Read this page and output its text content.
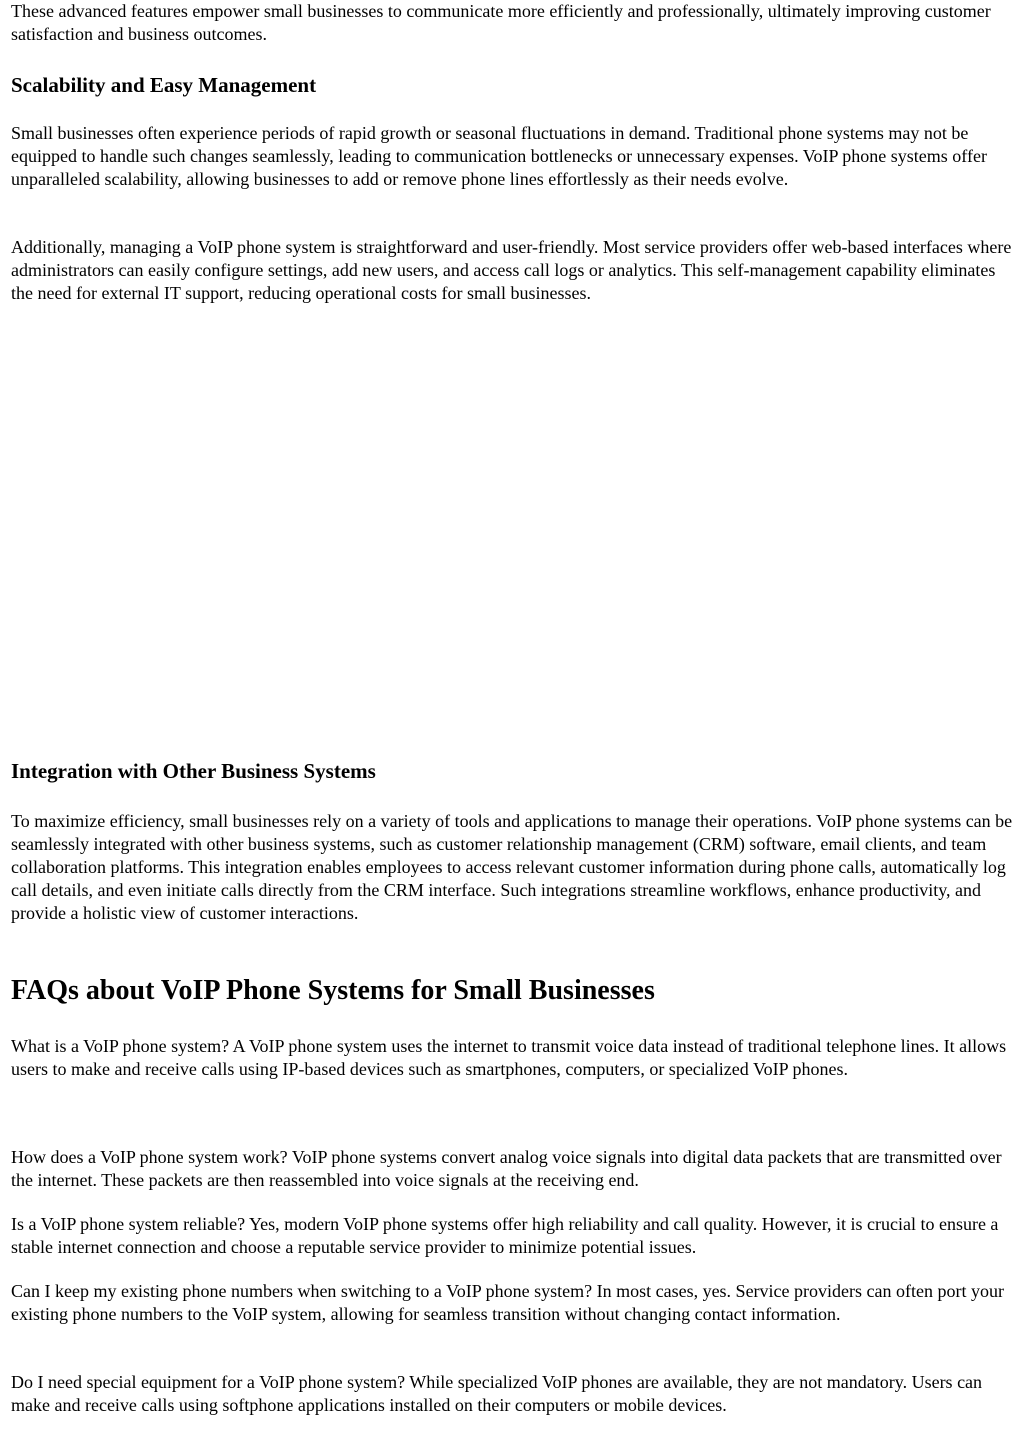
These advanced features empower small businesses to communicate more efficiently and professionally, ultimately improving customer satisfaction and business outcomes.

Scalability and Easy Management

Small businesses often experience periods of rapid growth or seasonal fluctuations in demand. Traditional phone systems may not be equipped to handle such changes seamlessly, leading to communication bottlenecks or unnecessary expenses. VoIP phone systems offer unparalleled scalability, allowing businesses to add or remove phone lines effortlessly as their needs evolve.

Additionally, managing a VoIP phone system is straightforward and user-friendly. Most service providers offer web-based interfaces where administrators can easily configure settings, add new users, and access call logs or analytics. This self-management capability eliminates the need for external IT support, reducing operational costs for small businesses.

Integration with Other Business Systems

To maximize efficiency, small businesses rely on a variety of tools and applications to manage their operations. VoIP phone systems can be seamlessly integrated with other business systems, such as customer relationship management (CRM) software, email clients, and team collaboration platforms. This integration enables employees to access relevant customer information during phone calls, automatically log call details, and even initiate calls directly from the CRM interface. Such integrations streamline workflows, enhance productivity, and provide a holistic view of customer interactions.

FAQs about VoIP Phone Systems for Small Businesses

What is a VoIP phone system? A VoIP phone system uses the internet to transmit voice data instead of traditional telephone lines. It allows users to make and receive calls using IP-based devices such as smartphones, computers, or specialized VoIP phones.

How does a VoIP phone system work? VoIP phone systems convert analog voice signals into digital data packets that are transmitted over the internet. These packets are then reassembled into voice signals at the receiving end.

Is a VoIP phone system reliable? Yes, modern VoIP phone systems offer high reliability and call quality. However, it is crucial to ensure a stable internet connection and choose a reputable service provider to minimize potential issues.

Can I keep my existing phone numbers when switching to a VoIP phone system? In most cases, yes. Service providers can often port your existing phone numbers to the VoIP system, allowing for seamless transition without changing contact information.

Do I need special equipment for a VoIP phone system? While specialized VoIP phones are available, they are not mandatory. Users can make and receive calls using softphone applications installed on their computers or mobile devices.
